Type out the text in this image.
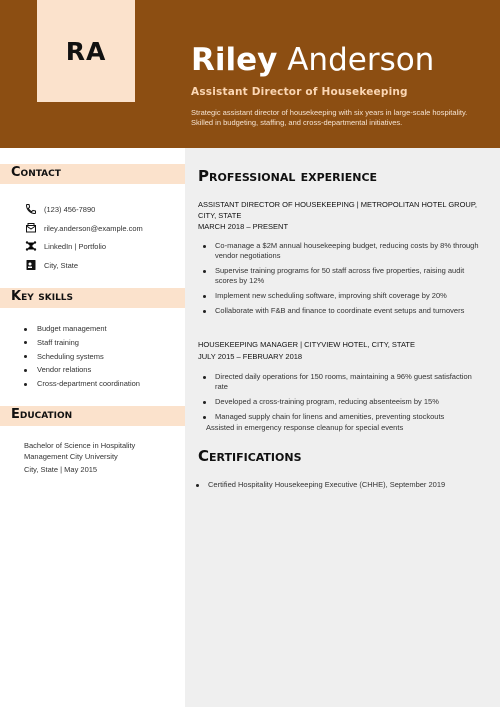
RA	Riley Anderson
Assistant Director of Housekeeping
Strategic assistant director of housekeeping with six years in large-scale hospitality. Skilled in budgeting, staffing, and cross-departmental initiatives.
Contact
(123) 456-7890
riley.anderson@example.com
LinkedIn | Portfolio
City, State
Key skills
Budget management
Staff training
Scheduling systems
Vendor relations
Cross-department coordination
Education
Bachelor of Science in Hospitality Management City University
City, State | May 2015
Professional experience
ASSISTANT DIRECTOR OF HOUSEKEEPING | METROPOLITAN HOTEL GROUP, CITY, STATE
MARCH 2018 – PRESENT
Co-manage a $2M annual housekeeping budget, reducing costs by 8% through vendor negotiations
Supervise training programs for 50 staff across five properties, raising audit scores by 12%
Implement new scheduling software, improving shift coverage by 20%
Collaborate with F&B and finance to coordinate event setups and turnovers
HOUSEKEEPING MANAGER | CITYVIEW HOTEL, CITY, STATE
JULY 2015 – FEBRUARY 2018
Directed daily operations for 150 rooms, maintaining a 96% guest satisfaction rate
Developed a cross-training program, reducing absenteeism by 15%
Managed supply chain for linens and amenities, preventing stockouts
Assisted in emergency response cleanup for special events
Certifications
Certified Hospitality Housekeeping Executive (CHHE), September 2019
